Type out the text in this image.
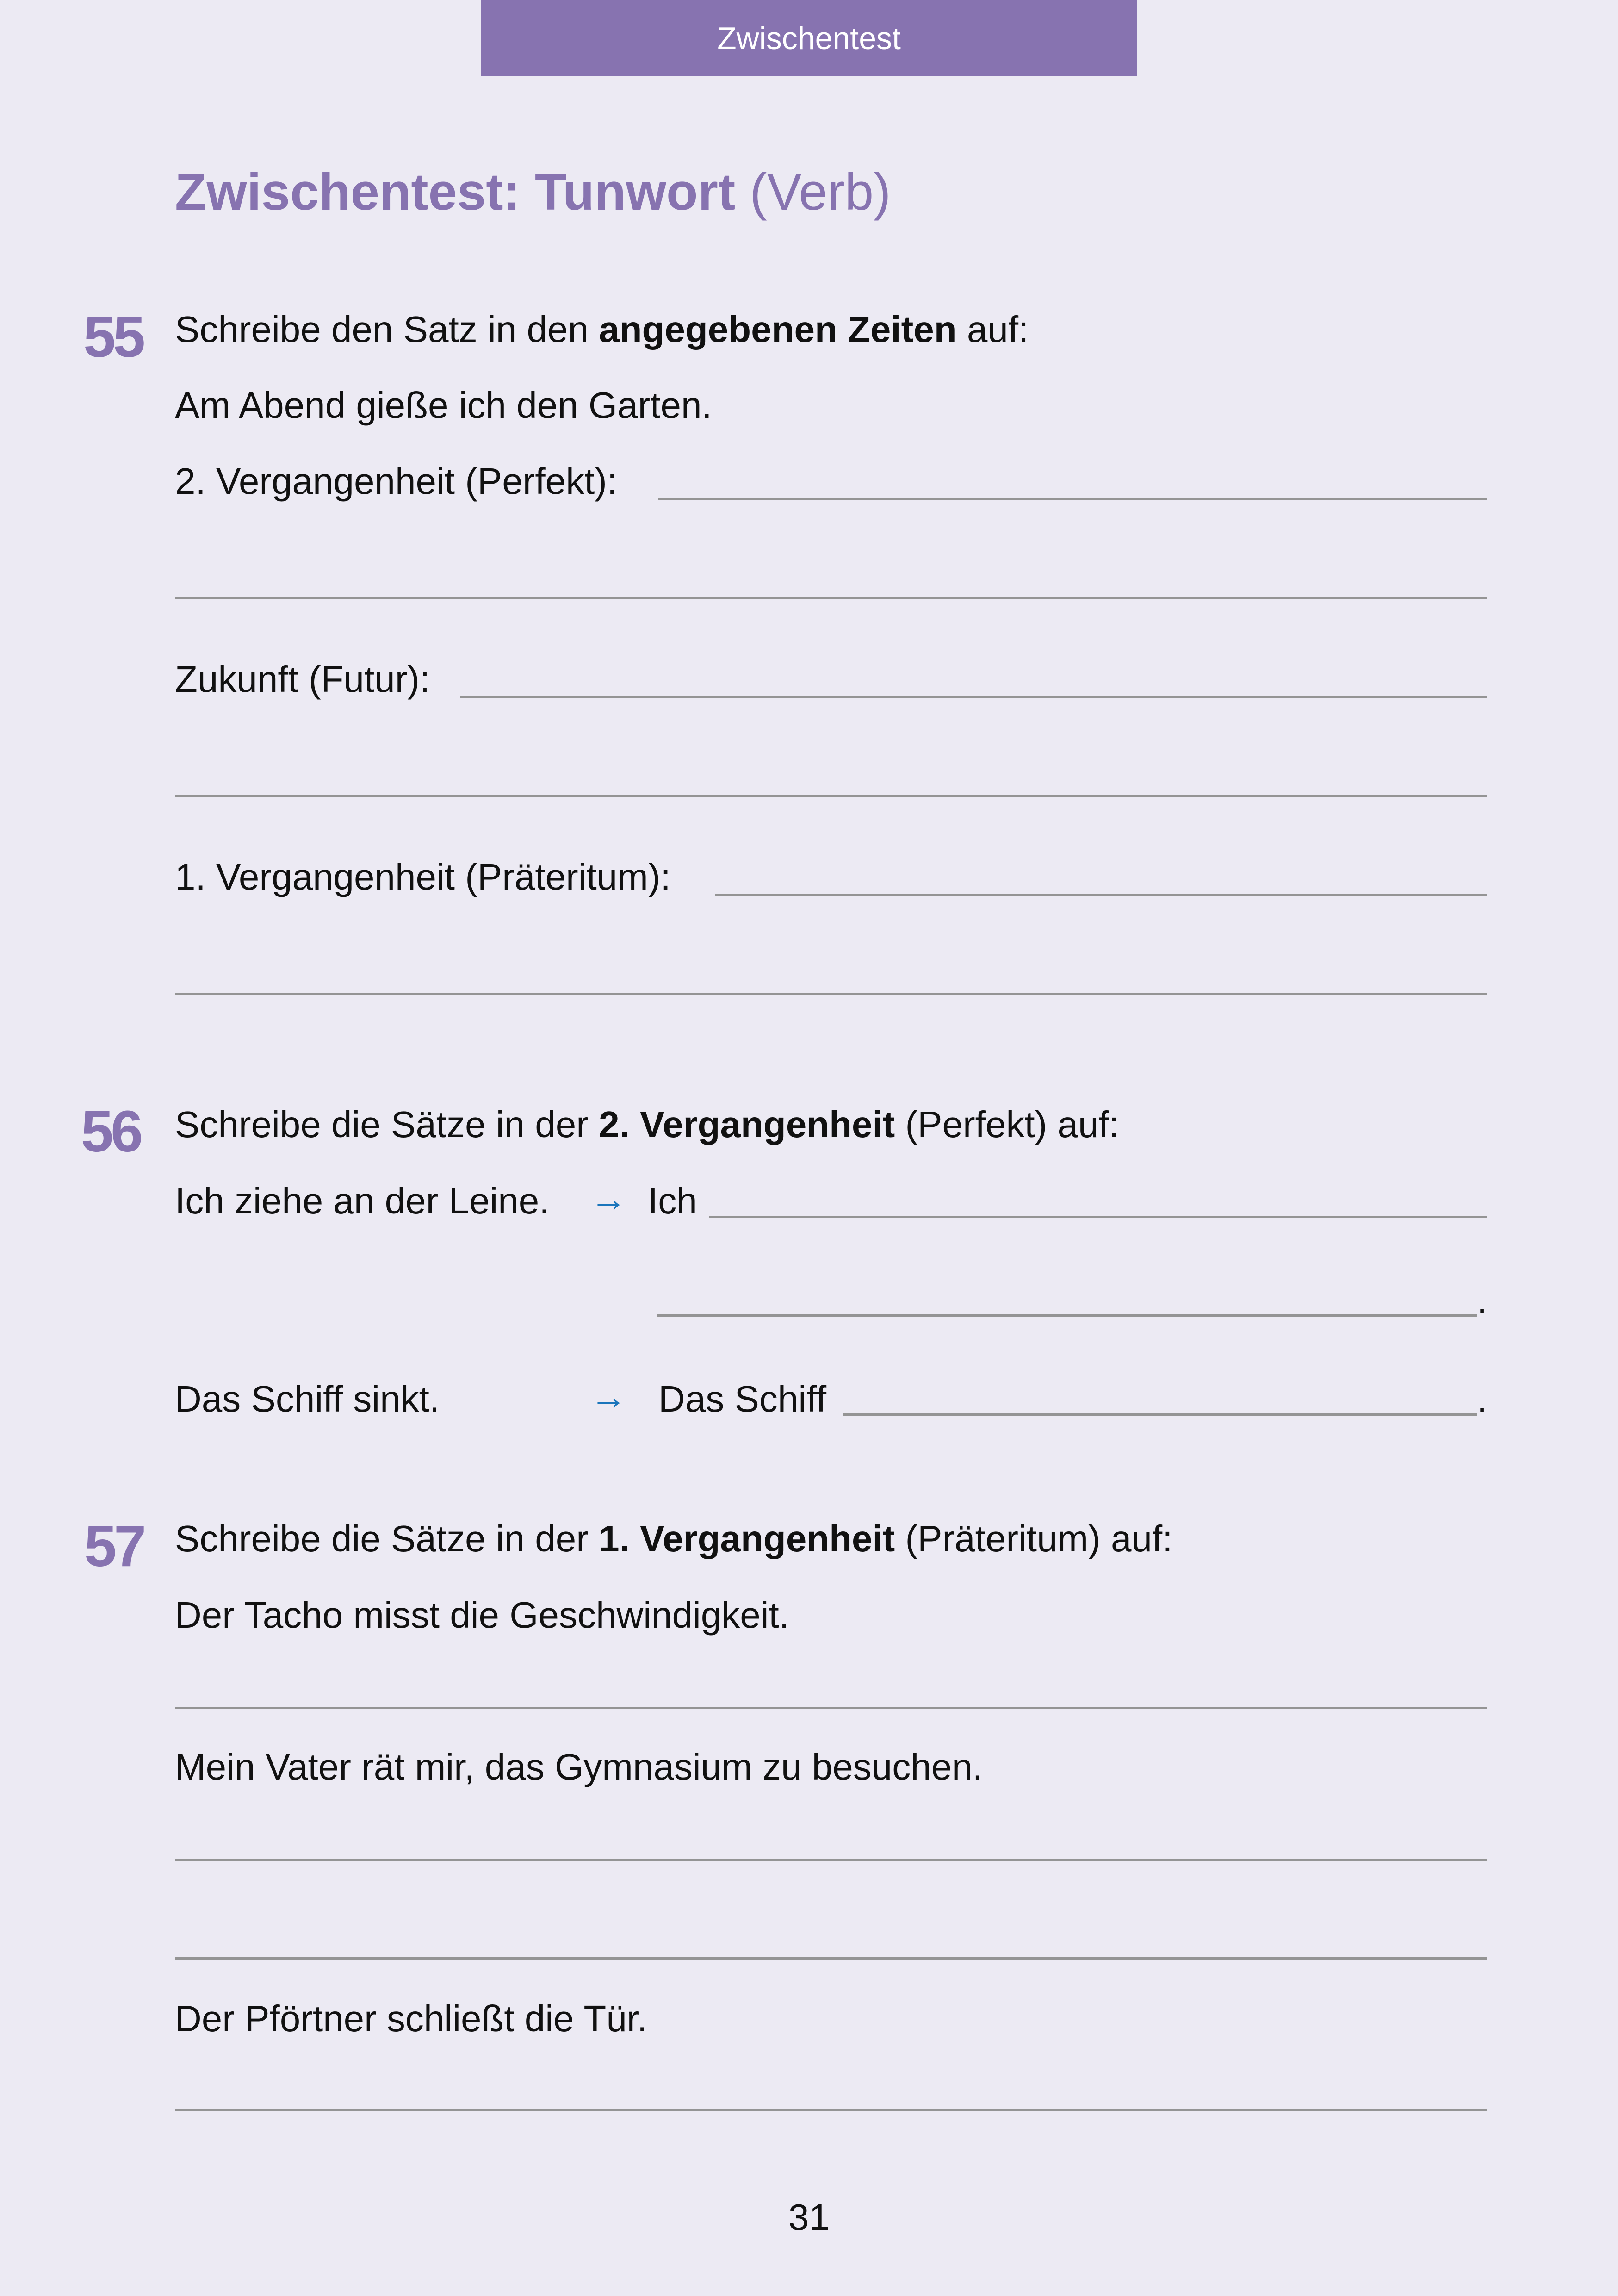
Zwischentest
Zwischentest: Tunwort (Verb)
55 Schreibe den Satz in den angegebenen Zeiten auf:
Am Abend gieße ich den Garten.
2. Vergangenheit (Perfekt):
Zukunft (Futur):
1. Vergangenheit (Präteritum):
56 Schreibe die Sätze in der 2. Vergangenheit (Perfekt) auf:
Ich ziehe an der Leine. → Ich
.
Das Schiff sinkt.	→ Das Schiff	.
57 Schreibe die Sätze in der 1. Vergangenheit (Präteritum) auf:
Der Tacho misst die Geschwindigkeit.
Mein Vater rät mir, das Gymnasium zu besuchen.
Der Pförtner schließt die Tür.
31
